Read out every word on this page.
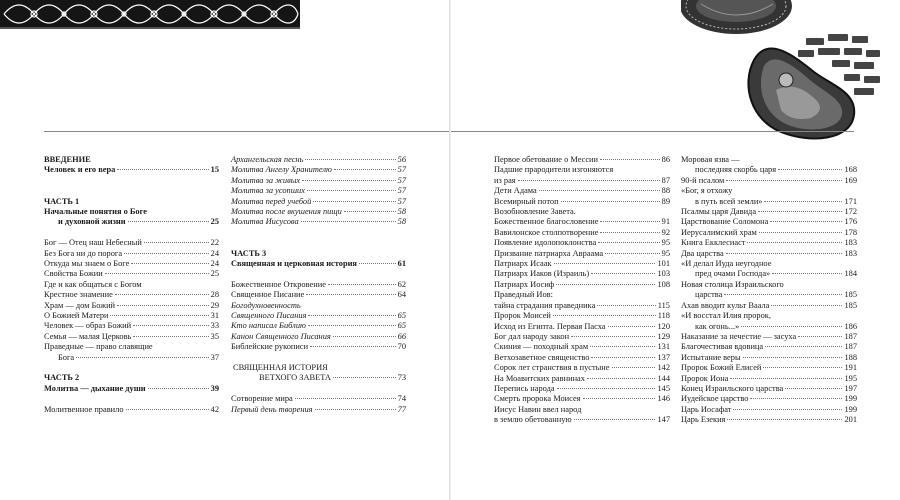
ВВЕДЕНИЕ
Человек и его вера	15
ЧАСТЬ 1
Начальные понятия о Боге
и духовной жизни	25
Бог — Отец наш Небесный	22
Без Бога ни до порога	24
Откуда мы знаем о Боге	24
Свойства Божии	25
Где и как общаться с Богом
Крестное знамение	28
Храм — дом Божий	29
О Божией Матери	31
Человек — образ Божий	33
Семья — малая Церковь	35
Праведные — право славящие
Бога	37
ЧАСТЬ 2
Молитва — дыхание души	39
Молитвенное правило	42
Архангельская песнь	56
Молитва Ангелу Хранителю	57
Молитва за живых	57
Молитва за усопших	57
Молитва перед учебой	57
Молитва после вкушения пищи	58
Молитва Иисусова	58
ЧАСТЬ 3
Священная и церковная история	61
Божественное Откровение	62
Священное Писание	64
Богодухновенность
Священного Писания	65
Кто написал Библию	65
Канон Священного Писания	66
Библейские рукописи	70
СВЯЩЕННАЯ ИСТОРИЯ
ВЕТХОГО ЗАВЕТА	73
Сотворение мира	74
Первый день творения	77
Первое обетование о Мессии	86
Падшие прародители изгоняются
из рая	87
Дети Адама	88
Всемирный потоп	89
Возобновление Завета.
Божественное благословение	91
Вавилонское столпотворение	92
Появление идолопоклонства	95
Призвание патриарха Авраама	95
Патриарх Исаак	101
Патриарх Иаков (Израиль)	103
Патриарх Иосиф	108
Праведный Иов:
тайна страдания праведника	115
Пророк Моисей	118
Исход из Египта. Первая Пасха	120
Бог дал народу закон	129
Скиния — походный храм	131
Ветхозаветное священство	137
Сорок лет странствия в пустыне	142
На Моавитских равнинах	144
Перепись народа	145
Смерть пророка Моисея	146
Иисус Навин ввел народ
в землю обетованную	147
Моровая язва —
последняя скорбь царя	168
90-й псалом	169
«Бог, я отхожу
в путь всей земли»	171
Псалмы царя Давида	172
Царствование Соломона	176
Иерусалимский храм	178
Книга Екклесиаст	183
Два царства	183
«И делал Иуда неугодное
пред очами Господа»	184
Новая столица Израильского
царства	185
Ахав вводит культ Ваала	185
«И восстал Илия пророк,
как огонь...»	186
Наказание за нечестие — засуха	187
Благочестивая вдовица	187
Испытание веры	188
Пророк Божий Елисей	191
Пророк Иона	195
Конец Израильского царства	197
Иудейское царство	199
Царь Иосафат	199
Царь Езекия	201
